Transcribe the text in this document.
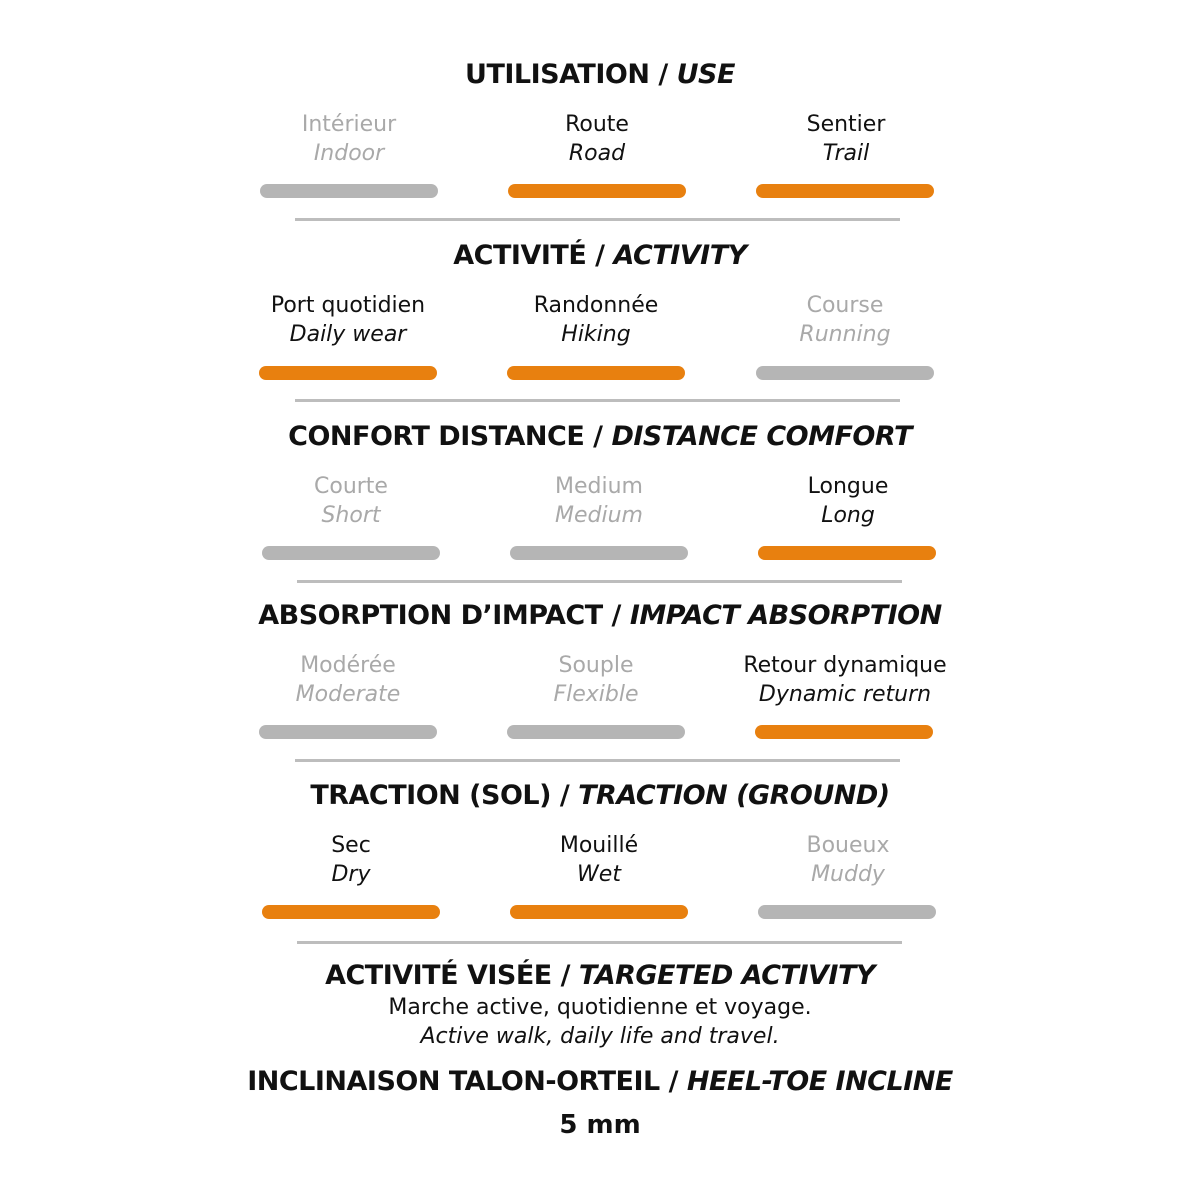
UTILISATION / USE
Intérieur
Indoor
Route
Road
Sentier
Trail
ACTIVITÉ / ACTIVITY
Port quotidien
Daily wear
Randonnée
Hiking
Course
Running
CONFORT DISTANCE / DISTANCE COMFORT
Courte
Short
Medium
Medium
Longue
Long
ABSORPTION D’IMPACT / IMPACT ABSORPTION
Modérée
Moderate
Souple
Flexible
Retour dynamique
Dynamic return
TRACTION (SOL) / TRACTION (GROUND)
Sec
Dry
Mouillé
Wet
Boueux
Muddy
ACTIVITÉ VISÉE / TARGETED ACTIVITY
Marche active, quotidienne et voyage.
Active walk, daily life and travel.
INCLINAISON TALON-ORTEIL / HEEL-TOE INCLINE
5 mm
